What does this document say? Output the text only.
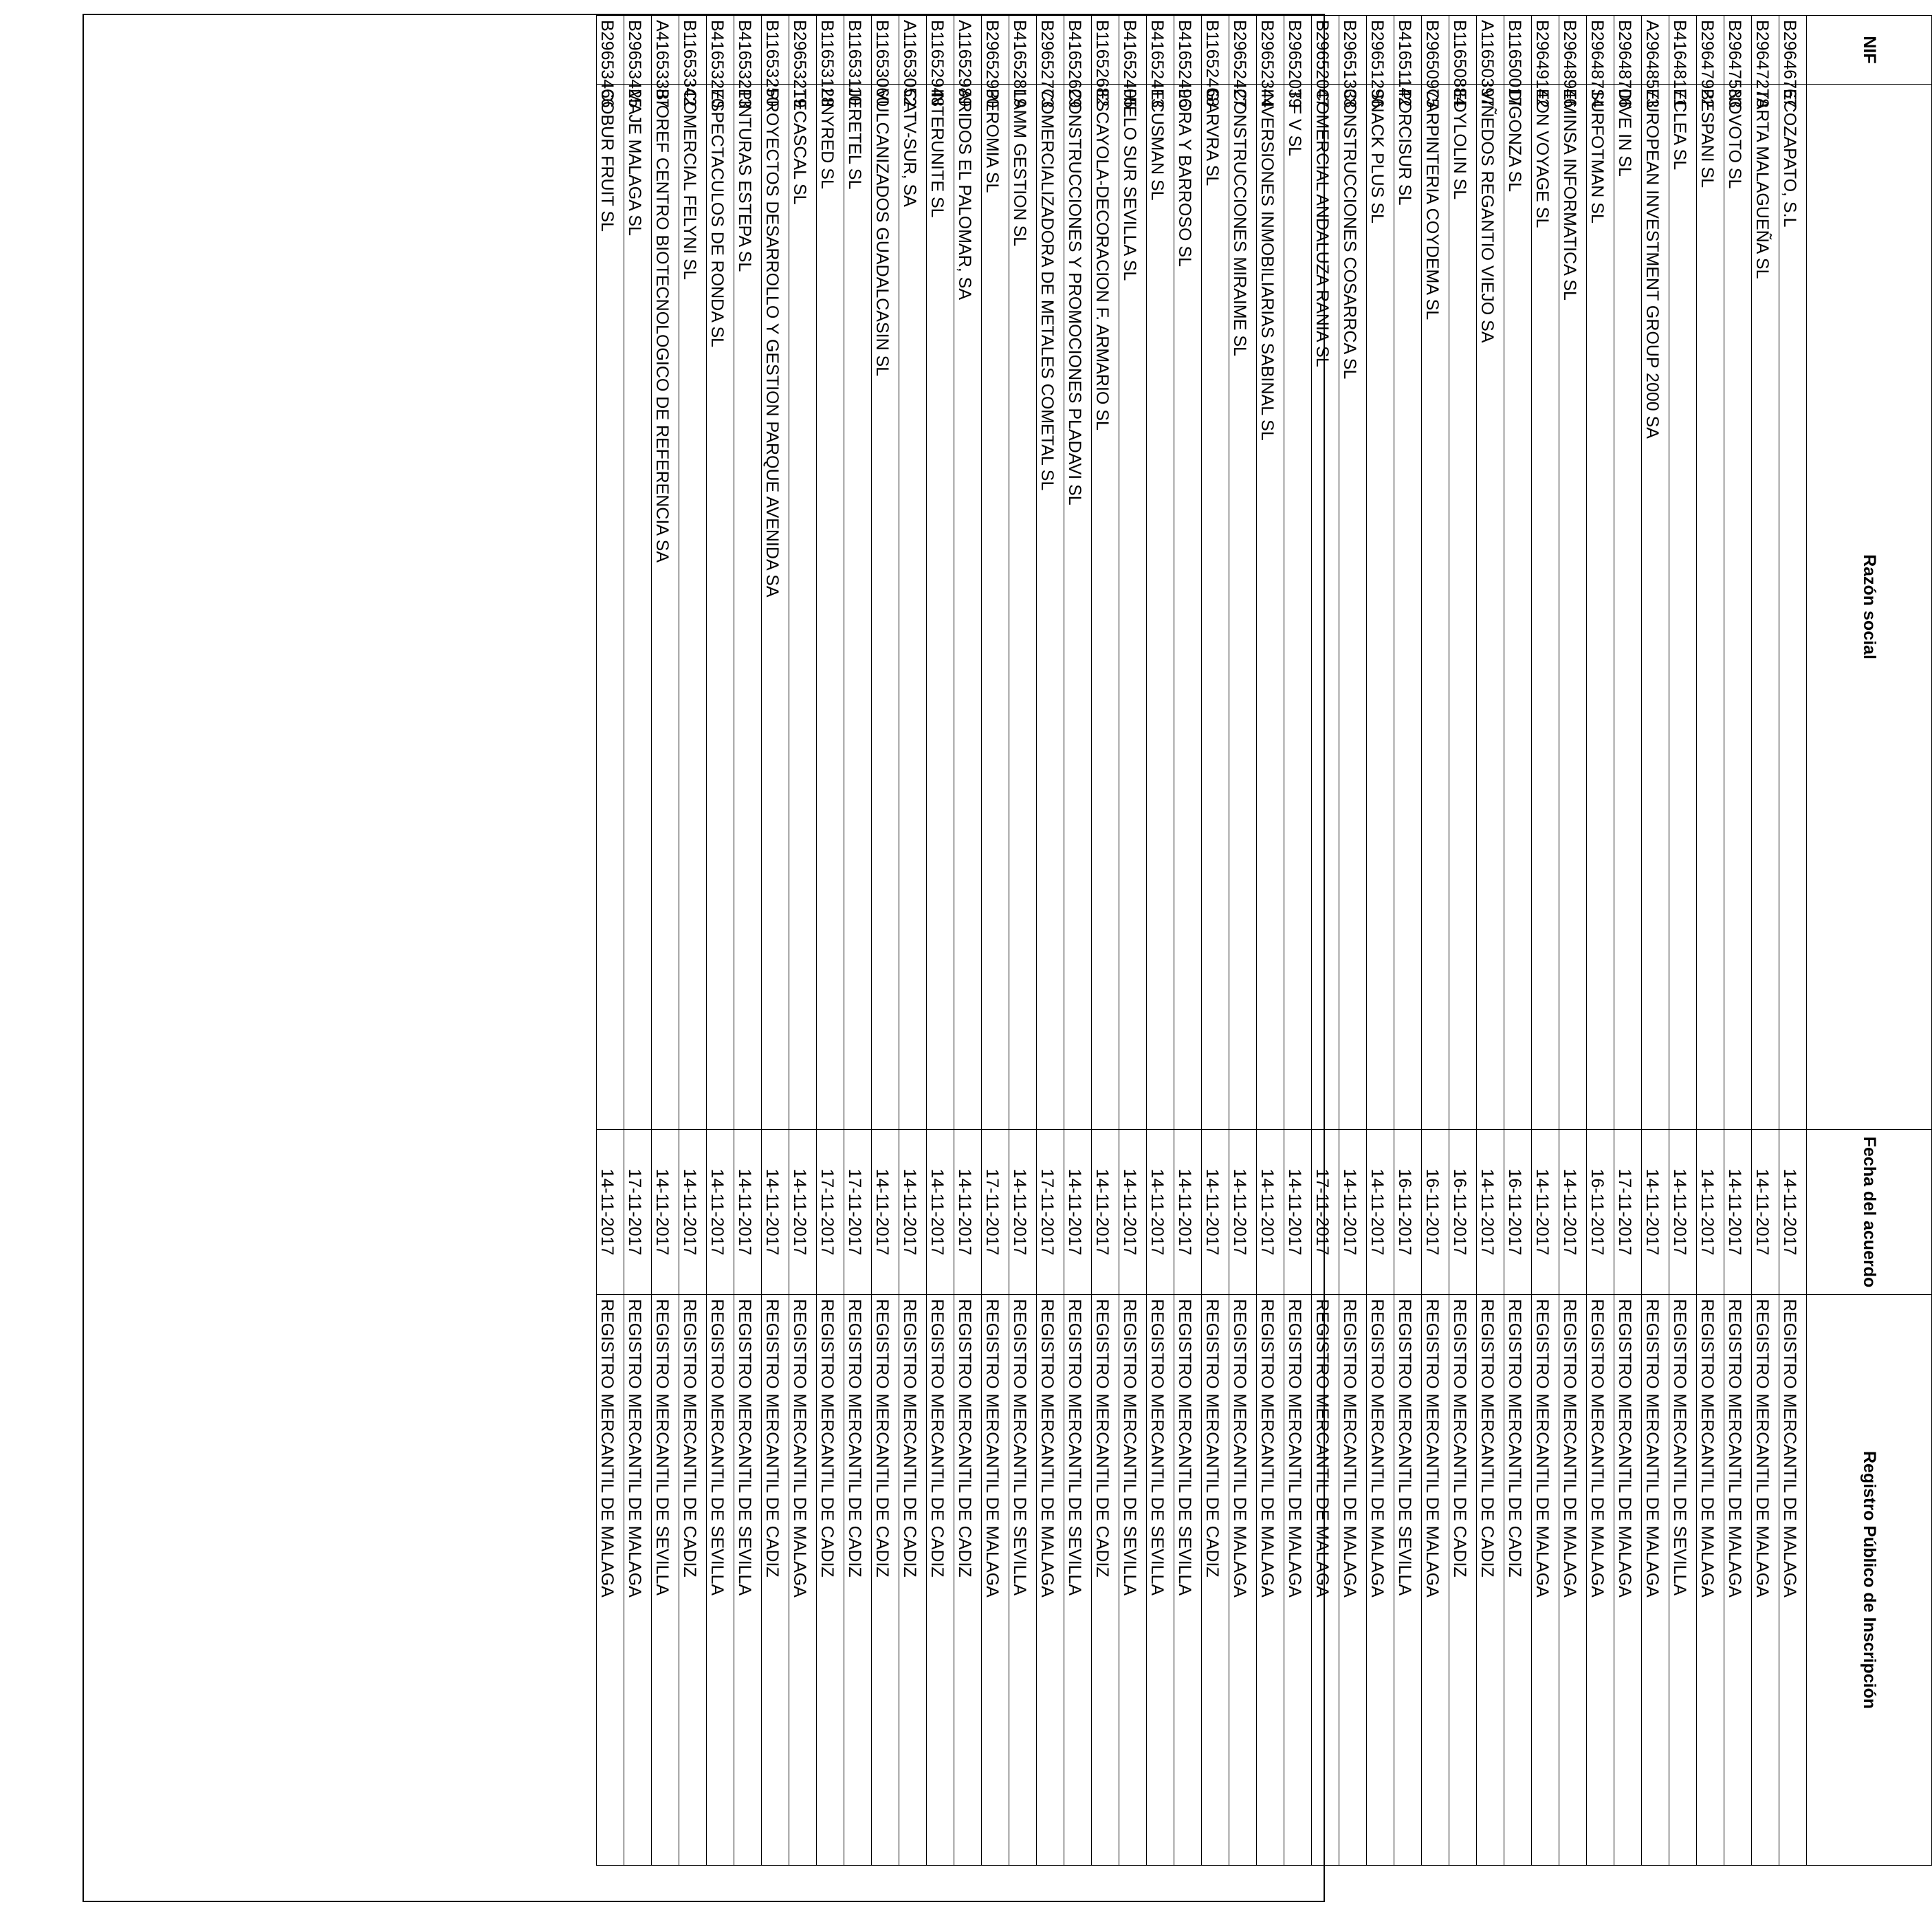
NIF	Razón social	Fecha del acuerdo	Registro Público de Inscripción
B29646767	ECOZAPATO, S.L	14-11-2017	REGISTRO MERCANTIL DE MALAGA
B29647278	TARTA MALAGUEÑA SL	14-11-2017	REGISTRO MERCANTIL DE MALAGA
B29647583	NOVOTO SL	14-11-2017	REGISTRO MERCANTIL DE MALAGA
B29647922	BESPANI SL	14-11-2017	REGISTRO MERCANTIL DE MALAGA
B41648171	ECLEA SL	14-11-2017	REGISTRO MERCANTIL DE SEVILLA
A29648573	EUROPEAN INVESTMENT GROUP 2000 SA	14-11-2017	REGISTRO MERCANTIL DE MALAGA
B29648706	DIVE IN SL	17-11-2017	REGISTRO MERCANTIL DE MALAGA
B29648714	SURFOTMAN SL	16-11-2017	REGISTRO MERCANTIL DE MALAGA
B29648946	EMINSA INFORMATICA SL	14-11-2017	REGISTRO MERCANTIL DE MALAGA
B29649142	EON VOYAGE SL	14-11-2017	REGISTRO MERCANTIL DE MALAGA
B11650017	DIGONZA SL	16-11-2017	REGISTRO MERCANTIL DE CADIZ
A11650397	VIÑEDOS REGANTIO VIEJO SA	14-11-2017	REGISTRO MERCANTIL DE CADIZ
B11650884	EDYLOLIN SL	16-11-2017	REGISTRO MERCANTIL DE CADIZ
B29650975	CARPINTERIA COYDEMA SL	16-11-2017	REGISTRO MERCANTIL DE MALAGA
B41651142	PORCISUR SL	16-11-2017	REGISTRO MERCANTIL DE SEVILLA
B29651296	SNACK PLUS SL	14-11-2017	REGISTRO MERCANTIL DE MALAGA
B29651338	CONSTRUCCIONES COSARRCA SL	14-11-2017	REGISTRO MERCANTIL DE MALAGA
B29652047	COMERCIAL ANDALUZA RANIA SL	17-11-2017	REGISTRO MERCANTIL DE MALAGA
B29652039	T F V SL	14-11-2017	REGISTRO MERCANTIL DE MALAGA
B29652344	INVERSIONES INMOBILIARIAS SABINAL SL	14-11-2017	REGISTRO MERCANTIL DE MALAGA
B29652427	CONSTRUCCIONES MIRAIME SL	14-11-2017	REGISTRO MERCANTIL DE MALAGA
B11652468	GARVRA SL	14-11-2017	REGISTRO MERCANTIL DE CADIZ
B41652496	LORA Y BARROSO SL	14-11-2017	REGISTRO MERCANTIL DE SEVILLA
B41652413	ECUSMAN SL	14-11-2017	REGISTRO MERCANTIL DE SEVILLA
B41652405	HIELO SUR SEVILLA SL	14-11-2017	REGISTRO MERCANTIL DE SEVILLA
B11652682	ESCAYOLA-DECORACION F. ARMARIO SL	14-11-2017	REGISTRO MERCANTIL DE CADIZ
B41652629	CONSTRUCCIONES Y PROMOCIONES PLADAVI SL	14-11-2017	REGISTRO MERCANTIL DE SEVILLA
B29652773	COMERCIALIZADORA DE METALES COMETAL SL	17-11-2017	REGISTRO MERCANTIL DE MALAGA
B41652819	LAMM GESTION SL	14-11-2017	REGISTRO MERCANTIL DE SEVILLA
B29652930	PEROMIA SL	17-11-2017	REGISTRO MERCANTIL DE MALAGA
A11652989	ARIDOS EL PALOMAR, SA	14-11-2017	REGISTRO MERCANTIL DE CADIZ
B11652948	INTERUNITE SL	14-11-2017	REGISTRO MERCANTIL DE CADIZ
A11653052	CATV-SUR, SA	14-11-2017	REGISTRO MERCANTIL DE CADIZ
B11653060	VULCANIZADOS GUADALCASIN SL	14-11-2017	REGISTRO MERCANTIL DE CADIZ
B11653110	JERETEL SL	17-11-2017	REGISTRO MERCANTIL DE CADIZ
B11653128	LINYRED SL	17-11-2017	REGISTRO MERCANTIL DE CADIZ
B29653219	TECASCAL SL	14-11-2017	REGISTRO MERCANTIL DE MALAGA
B11653250	PROYECTOS DESARROLLO Y GESTION PARQUE AVENIDA SA	14-11-2017	REGISTRO MERCANTIL DE CADIZ
B41653213	PINTURAS ESTEPA SL	14-11-2017	REGISTRO MERCANTIL DE SEVILLA
B41653270	ESPECTACULOS DE RONDA SL	14-11-2017	REGISTRO MERCANTIL DE SEVILLA
B11653342	COMERCIAL FELYNI SL	14-11-2017	REGISTRO MERCANTIL DE CADIZ
A41653387	BIOREF CENTRO BIOTECNOLOGICO DE REFERENCIA SA	14-11-2017	REGISTRO MERCANTIL DE SEVILLA
B29653425	MAJE MALAGA SL	17-11-2017	REGISTRO MERCANTIL DE MALAGA
B29653466	COBUR FRUIT SL	14-11-2017	REGISTRO MERCANTIL DE MALAGA
